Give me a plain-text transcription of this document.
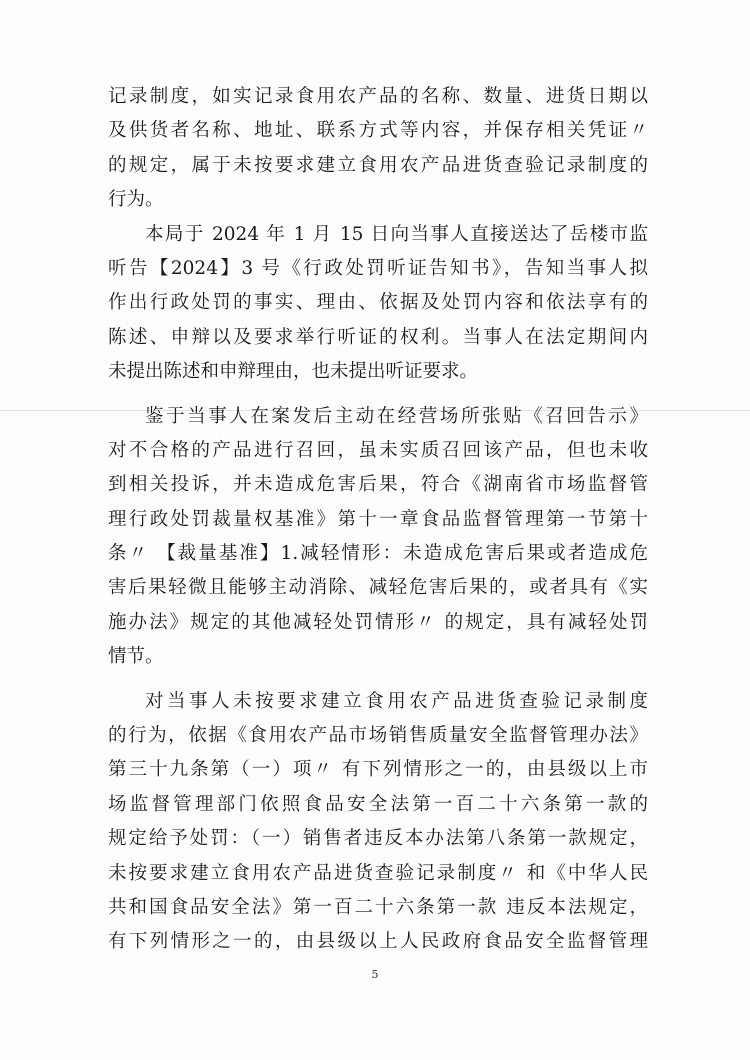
记录制度，如实记录食用农产品的名称、数量、进货日期以
及供货者名称、地址、联系方式等内容，并保存相关凭证〃
的规定，属于未按要求建立食用农产品进货查验记录制度的
行为。
本局于 2024 年 1 月 15 日向当事人直接送达了岳楼市监
听告【2024】3 号《行政处罚听证告知书》，告知当事人拟
作出行政处罚的事实、理由、依据及处罚内容和依法享有的
陈述、申辩以及要求举行听证的权利。当事人在法定期间内
未提出陈述和申辩理由，也未提出听证要求。
鉴于当事人在案发后主动在经营场所张贴《召回告示》
对不合格的产品进行召回，虽未实质召回该产品，但也未收
到相关投诉，并未造成危害后果，符合《湖南省市场监督管
理行政处罚裁量权基准》第十一章食品监督管理第一节第十
条〃 【裁量基准】1.减轻情形：未造成危害后果或者造成危
害后果轻微且能够主动消除、减轻危害后果的，或者具有《实
施办法》规定的其他减轻处罚情形〃 的规定，具有减轻处罚
情节。
对当事人未按要求建立食用农产品进货查验记录制度
的行为，依据《食用农产品市场销售质量安全监督管理办法》
第三十九条第（一）项〃 有下列情形之一的，由县级以上市
场监督管理部门依照食品安全法第一百二十六条第一款的
规定给予处罚：（一）销售者违反本办法第八条第一款规定，
未按要求建立食用农产品进货查验记录制度〃 和《中华人民
共和国食品安全法》第一百二十六条第一款 违反本法规定，
有下列情形之一的，由县级以上人民政府食品安全监督管理
5
